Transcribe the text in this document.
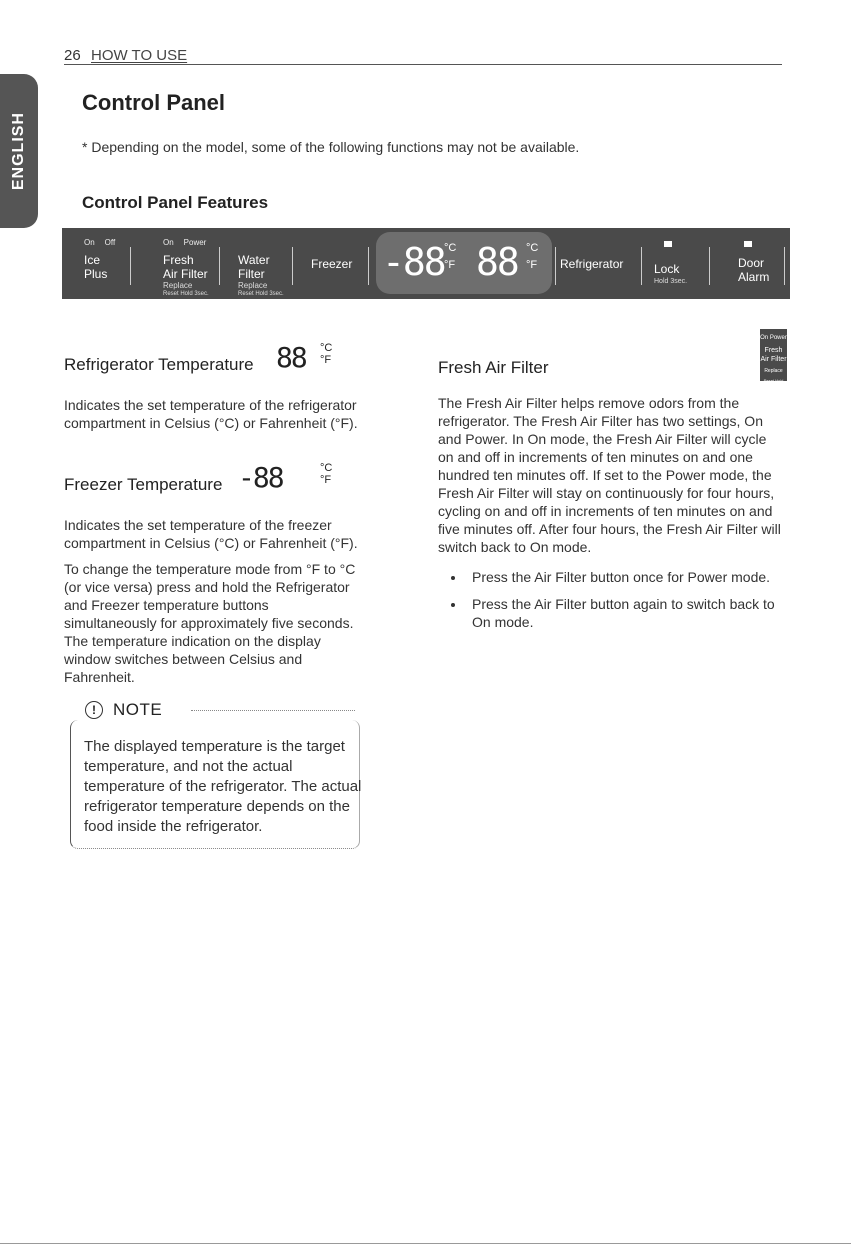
26 HOW TO USE
ENGLISH
Control Panel
* Depending on the model, some of the following functions may not be available.
Control Panel Features
On Off
Ice
Plus
On Power
Fresh
Air Filter
Replace
Reset Hold 3sec.
Water
Filter
Replace
Reset Hold 3sec.
Freezer -88 °C
°F 88 °C
°F Refrigerator	Lock
Hold 3sec.
Door
Alarm
Refrigerator Temperature 88 °C
°F

Indicates the set temperature of the refrigerator compartment in Celsius (°C) or Fahrenheit (°F).

Freezer Temperature -88	°C
°F

Indicates the set temperature of the freezer compartment in Celsius (°C) or Fahrenheit (°F).

To change the temperature mode from °F to °C (or vice versa) press and hold the Refrigerator and Freezer temperature buttons simultaneously for approximately five seconds. The temperature indication on the display window switches between Celsius and Fahrenheit.

Fresh Air Filter
On Power
Fresh
Air Filter
Replace
Reset Hold 3sec.

The Fresh Air Filter helps remove odors from the refrigerator. The Fresh Air Filter has two settings, On and Power. In On mode, the Fresh Air Filter will cycle on and off in increments of ten minutes on and one hundred ten minutes off. If set to the Power mode, the Fresh Air Filter will stay on continuously for four hours, cycling on and off in increments of ten minutes on and five minutes off. After four hours, the Fresh Air Filter will switch back to On mode.

• Press the Air Filter button once for Power mode.
• Press the Air Filter button again to switch back to On mode.
!	NOTE
The displayed temperature is the target temperature, and not the actual temperature of the refrigerator. The actual refrigerator temperature depends on the food inside the refrigerator.
